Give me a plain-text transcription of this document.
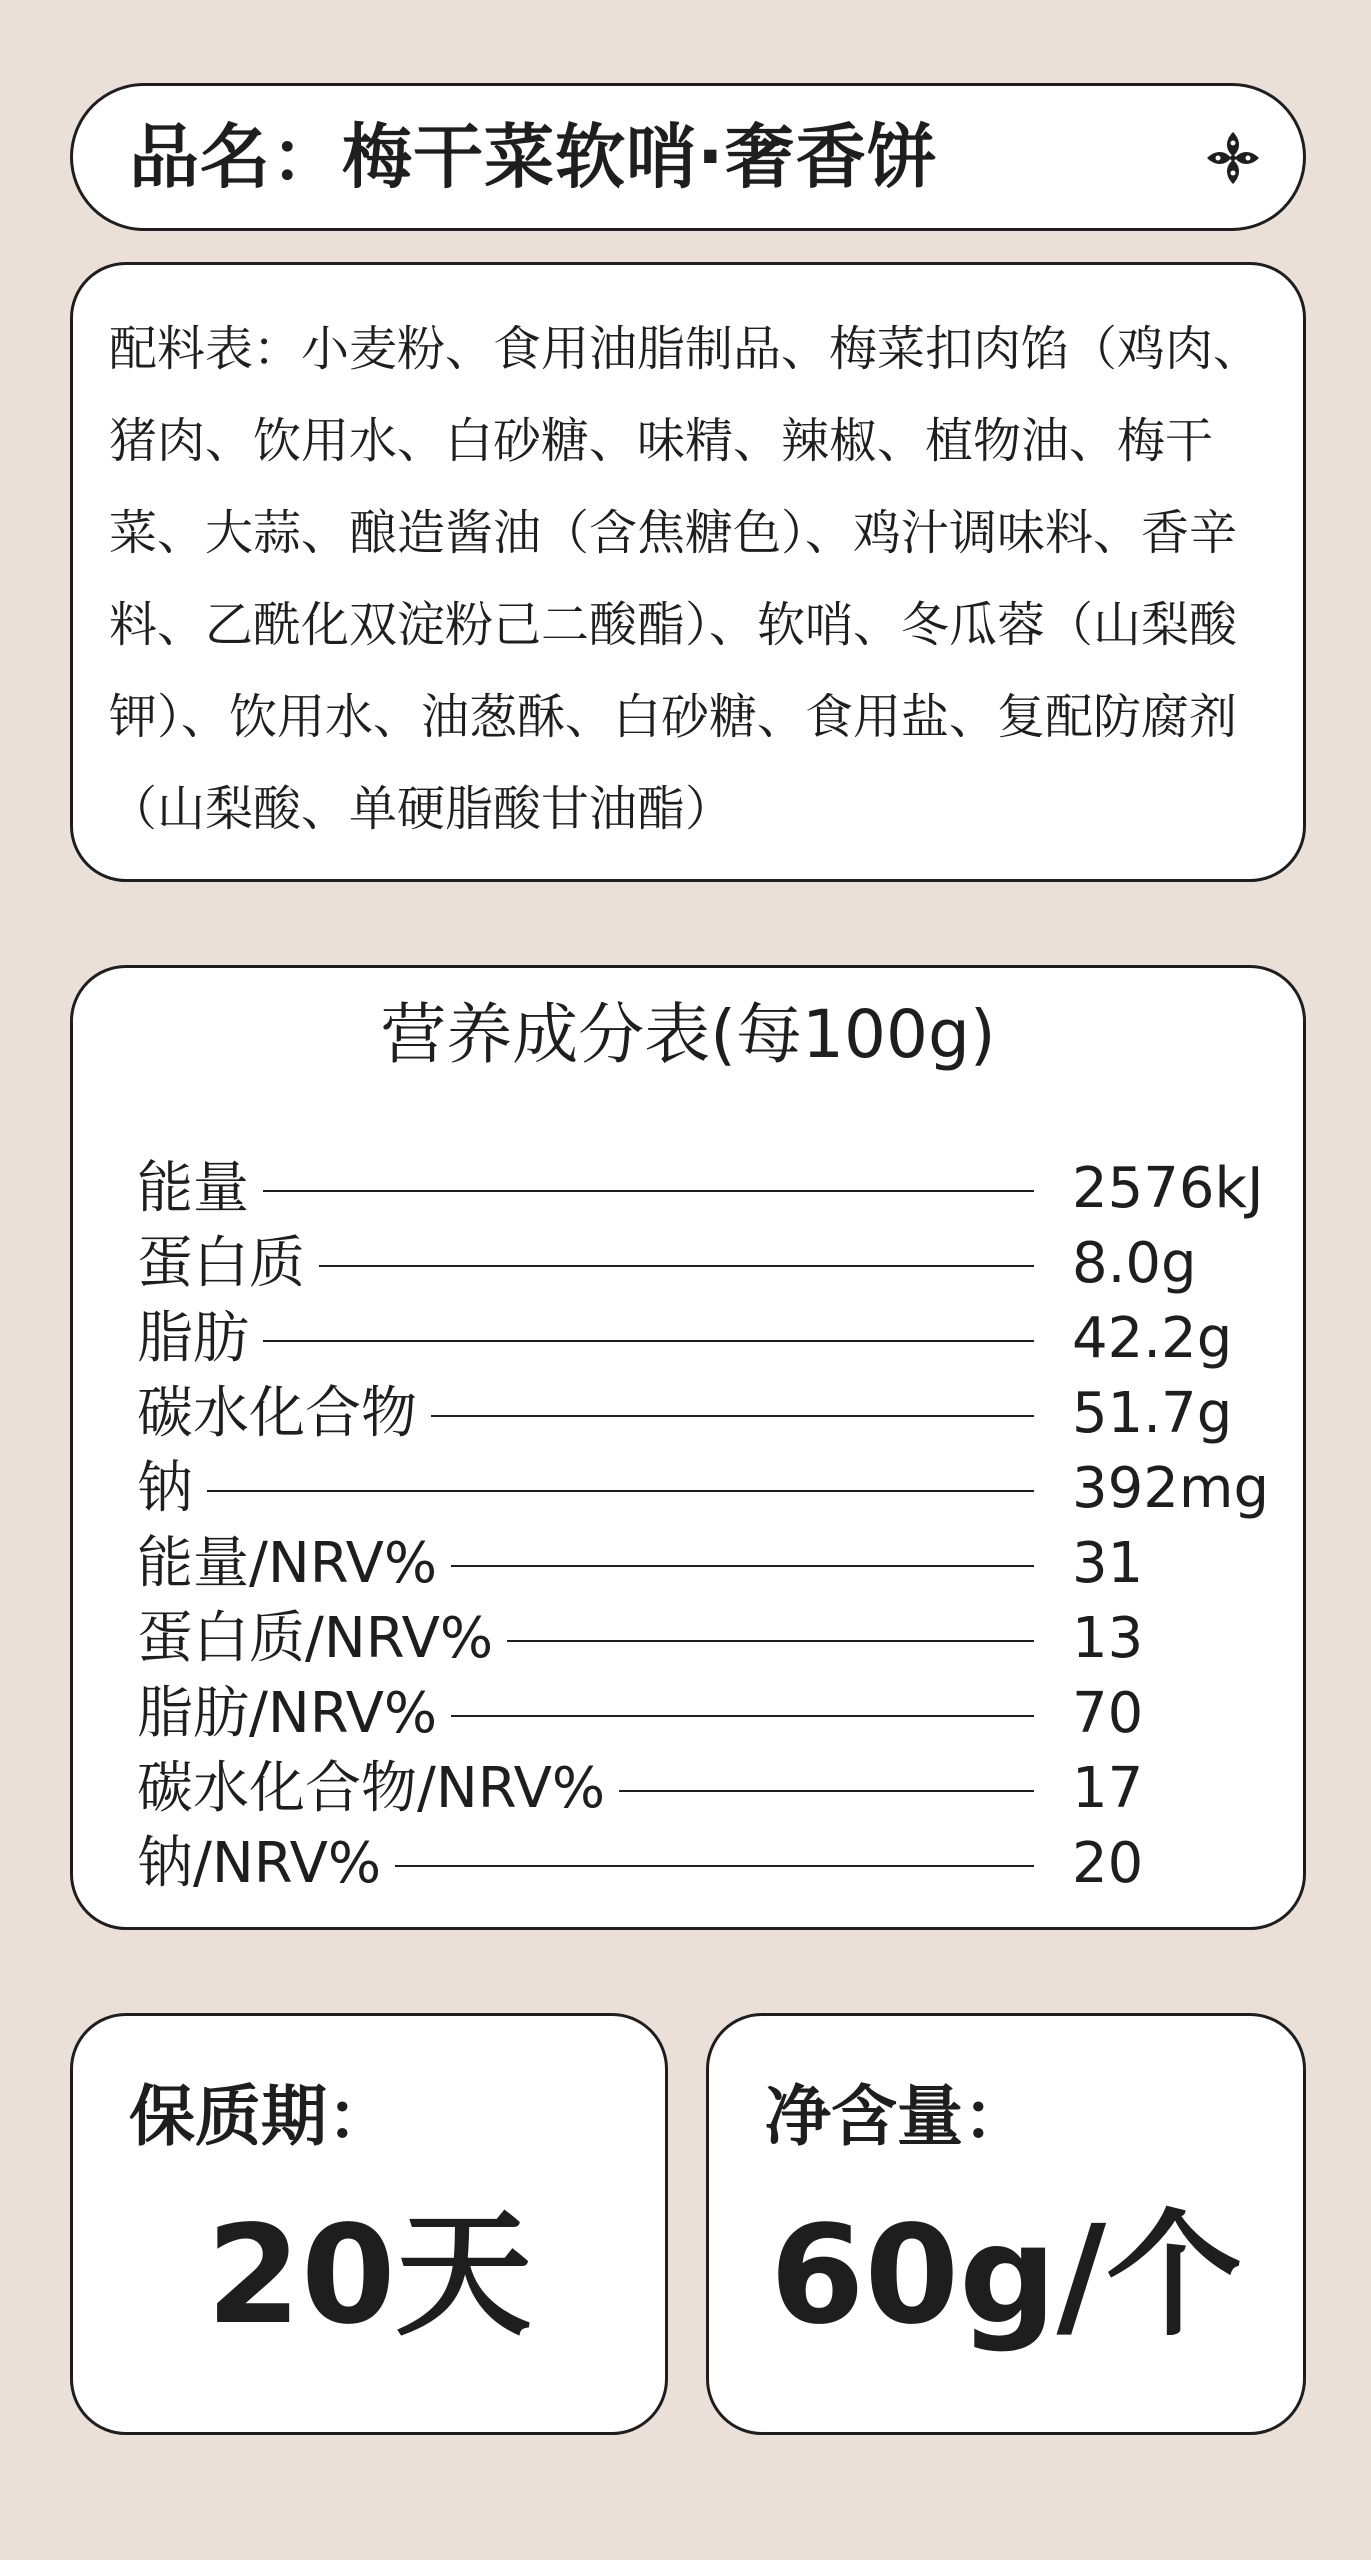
品名：梅干菜软哨·奢香饼
配料表：小麦粉、食用油脂制品、梅菜扣肉馅（鸡肉、猪肉、饮用水、白砂糖、味精、辣椒、植物油、梅干菜、大蒜、酿造酱油（含焦糖色）、鸡汁调味料、香辛料、乙酰化双淀粉己二酸酯）、软哨、冬瓜蓉（山梨酸钾）、饮用水、油葱酥、白砂糖、食用盐、复配防腐剂（山梨酸、单硬脂酸甘油酯）
营养成分表(每100g)
能量	2576kJ
蛋白质	8.0g
脂肪	42.2g
碳水化合物	51.7g
钠	392mg
能量/NRV%	31
蛋白质/NRV%	13
脂肪/NRV%	70
碳水化合物/NRV%	17
钠/NRV%	20
保质期：
20天
净含量：
60g/个
